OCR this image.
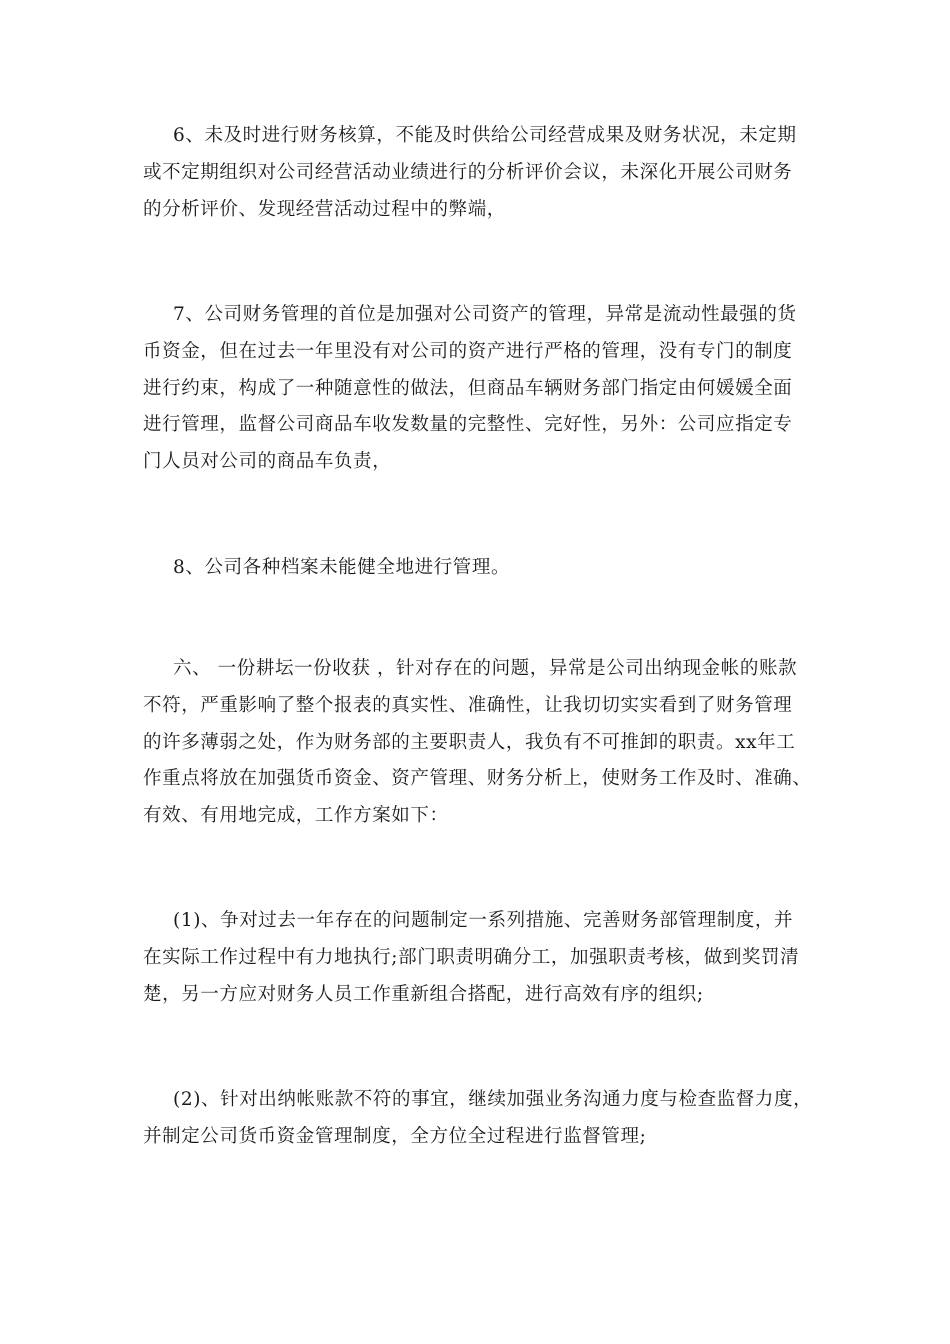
6、未及时进行财务核算，不能及时供给公司经营成果及财务状况，未定期
或不定期组织对公司经营活动业绩进行的分析评价会议，未深化开展公司财务
的分析评价、发现经营活动过程中的弊端，
7、公司财务管理的首位是加强对公司资产的管理，异常是流动性最强的货
币资金，但在过去一年里没有对公司的资产进行严格的管理，没有专门的制度
进行约束，构成了一种随意性的做法，但商品车辆财务部门指定由何媛媛全面
进行管理，监督公司商品车收发数量的完整性、完好性，另外：公司应指定专
门人员对公司的商品车负责，
8、公司各种档案未能健全地进行管理。
六、 一份耕坛一份收获 ，针对存在的问题，异常是公司出纳现金帐的账款
不符，严重影响了整个报表的真实性、准确性，让我切切实实看到了财务管理
的许多薄弱之处，作为财务部的主要职责人，我负有不可推卸的职责。xx年工
作重点将放在加强货币资金、资产管理、财务分析上，使财务工作及时、准确、
有效、有用地完成，工作方案如下：
(1)、争对过去一年存在的问题制定一系列措施、完善财务部管理制度，并
在实际工作过程中有力地执行;部门职责明确分工，加强职责考核，做到奖罚清
楚，另一方应对财务人员工作重新组合搭配，进行高效有序的组织;
(2)、针对出纳帐账款不符的事宜，继续加强业务沟通力度与检查监督力度，
并制定公司货币资金管理制度，全方位全过程进行监督管理;
